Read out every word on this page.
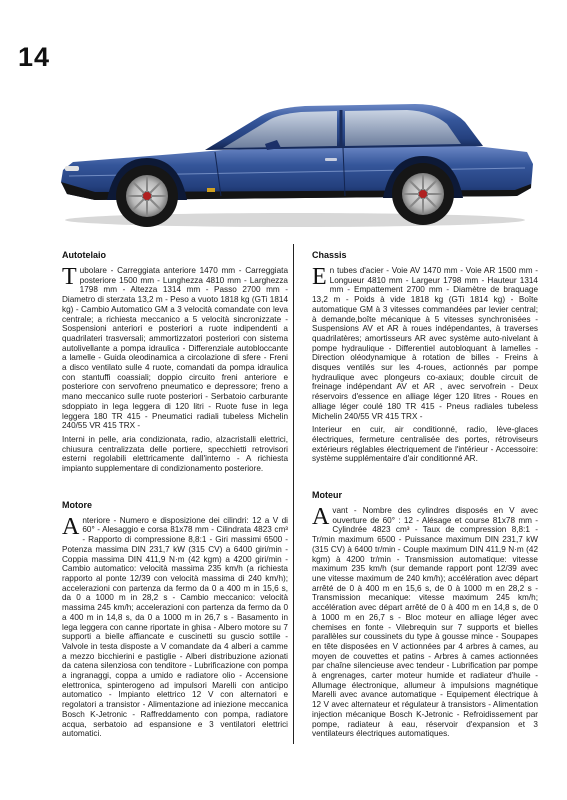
14
Autotelaio

Tubolare - Carreggiata anteriore 1470 mm - Carreggiata posteriore 1500 mm - Lunghezza 4810 mm - Larghezza 1798 mm - Altezza 1314 mm - Passo 2700 mm - Diametro di sterzata 13,2 m - Peso a vuoto 1818 kg (GTi 1814 kg) - Cambio Automatico GM a 3 velocità comandate con leva centrale; a richiesta meccanico a 5 velocità sincronizzate - Sospensioni anteriori e posteriori a ruote indipendenti a quadrilateri trasversali; ammortizzatori posteriori con sistema autolivellante a pompa idraulica - Differenziale autobloccante a lamelle - Guida oleodinamica a circolazione di sfere - Freni a disco ventilato sulle 4 ruote, comandati da pompa idraulica con stantuffi coassiali; doppio circuito freni anteriore e posteriore con servofreno pneumatico e depressore; freno a mano meccanico sulle ruote posteriori - Serbatoio carburante sdoppiato in lega leggera di 120 litri - Ruote fuse in lega leggera 180 TR 415 - Pneumatici radiali tubeless Michelin 240/55 VR 415 TRX -

Interni in pelle, aria condizionata, radio, alzacristalli elettrici, chiusura centralizzata delle portiere, specchietti retrovisori esterni regolabili elettricamente dall'interno - A richiesta impianto supplementare di condizionamento posteriore.

Motore

Anteriore - Numero e disposizione dei cilindri: 12 a V di 60° - Alesaggio e corsa 81x78 mm - Cilindrata 4823 cm³ - Rapporto di compressione 8,8:1 - Giri massimi 6500 - Potenza massima DIN 231,7 kW (315 CV) a 6400 giri/min - Coppia massima DIN 411,9 N·m (42 kgm) a 4200 giri/min - Cambio automatico: velocità massima 235 km/h (a richiesta rapporto al ponte 12/39 con velocità massima di 240 km/h); accelerazioni con partenza da fermo da 0 a 400 m in 15,6 s, da 0 a 1000 m in 28,2 s - Cambio meccanico: velocità massima 245 km/h; accelerazioni con partenza da fermo da 0 a 400 m in 14,8 s, da 0 a 1000 m in 26,7 s - Basamento in lega leggera con canne riportate in ghisa - Albero motore su 7 supporti a bielle affiancate e cuscinetti su guscio sottile - Valvole in testa disposte a V comandate da 4 alberi a camme a mezzo bicchierini e pastiglie - Alberi distribuzione azionati da catena silenziosa con tenditore - Lubrificazione con pompa a ingranaggi, coppa a umido e radiatore olio - Accensione elettronica, spinterogeno ad impulsori Marelli con anticipo automatico - Impianto elettrico 12 V con alternatori e regolatori a transistor - Alimentazione ad iniezione meccanica Bosch K-Jetronic - Raffreddamento con pompa, radiatore acqua, serbatoio ad espansione e 3 ventilatori elettrici automatici.

Chassis

En tubes d'acier - Voie AV 1470 mm - Voie AR 1500 mm - Longueur 4810 mm - Largeur 1798 mm - Hauteur 1314 mm - Empattement 2700 mm - Diamètre de braquage 13,2 m - Poids à vide 1818 kg (GTi 1814 kg) - Boîte automatique GM à 3 vitesses commandées par levier central; à demande,boîte mécanique à 5 vitesses synchronisées - Suspensions AV et AR à roues indépendantes, à traverses quadrilatères; amortisseurs AR avec système auto-nivelant à pompe hydraulique - Differentiel autobloquant à lamelles - Direction oléodynamique à rotation de billes - Freins à disques ventilés sur les 4-roues, actionnés par pompe hydraulique avec plongeurs co-axiaux; double circuit de freinage indépendant AV et AR , avec servofrein - Deux réservoirs d'essence en alliage léger 120 litres - Roues en alliage léger coulé 180 TR 415 - Pneus radiales tubeless Michelin 240/55 VR 415 TRX -

Interieur en cuir, air conditionné, radio, lève-glaces électriques, fermeture centralisée des portes, rétroviseurs extérieurs réglables électriquement de l'intérieur - Accessoire: système supplémentaire d'air conditionné AR.

Moteur

Avant - Nombre des cylindres disposés en V avec ouverture de 60° : 12 - Alésage et course 81x78 mm - Cylindrée 4823 cm³ - Taux de compression 8,8:1 - Tr/min maximum 6500 - Puissance maximum DIN 231,7 kW (315 CV) à 6400 tr/min - Couple maximum DIN 411,9 N·m (42 kgm) à 4200 tr/min - Transmission automatique: vitesse maximum 235 km/h (sur demande rapport pont 12/39 avec une vitesse maximum de 240 km/h); accélération avec départ arrêté de 0 à 400 m en 15,6 s, de 0 à 1000 m en 28,2 s - Transmission mecanique: vitesse maximum 245 km/h; accélération avec départ arrêté de 0 à 400 m en 14,8 s, de 0 à 1000 m en 26,7 s - Bloc moteur en alliage léger avec chemises en fonte - Vilebrequin sur 7 supports et bielles parallèles sur coussinets du type à gousse mince - Soupapes en tête disposées en V actionnées par 4 arbres à cames, au moyen de couvettes et patins - Arbres à cames actionnées par chaîne silencieuse avec tendeur - Lubrification par pompe à engrenages, carter moteur humide et radiateur d'huile - Allumage électronique, allumeur à impulsions magnétique Marelli avec avance automatique - Equipement électrique à 12 V avec alternateur et régulateur à transistors - Alimentation injection mécanique Bosch K-Jetronic - Refroidissement par pompe, radiateur à eau, réservoir d'expansion et 3 ventilateurs électriques automatiques.
